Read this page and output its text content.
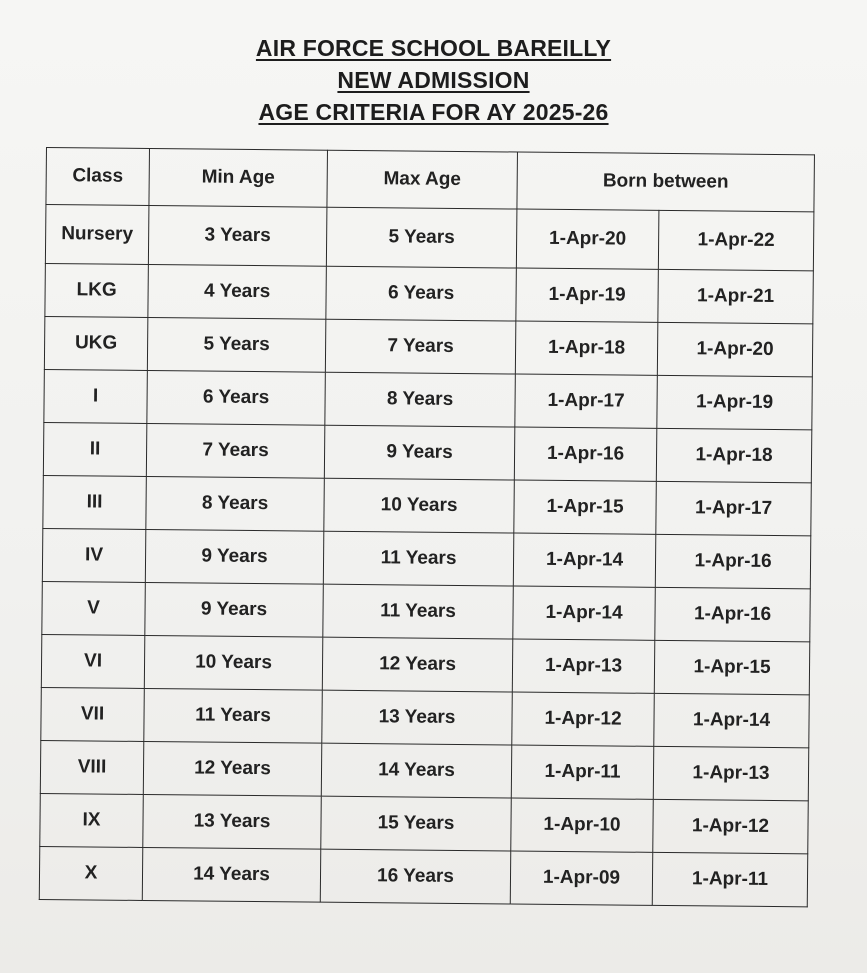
AIR FORCE SCHOOL BAREILLY
NEW ADMISSION
AGE CRITERIA FOR AY 2025-26
Class	Min Age	Max Age	Born between	
Nursery	3 Years	5 Years	1-Apr-20	1-Apr-22
LKG	4 Years	6 Years	1-Apr-19	1-Apr-21
UKG	5 Years	7 Years	1-Apr-18	1-Apr-20
I	6 Years	8 Years	1-Apr-17	1-Apr-19
II	7 Years	9 Years	1-Apr-16	1-Apr-18
III	8 Years	10 Years	1-Apr-15	1-Apr-17
IV	9 Years	11 Years	1-Apr-14	1-Apr-16
V	9 Years	11 Years	1-Apr-14	1-Apr-16
VI	10 Years	12 Years	1-Apr-13	1-Apr-15
VII	11 Years	13 Years	1-Apr-12	1-Apr-14
VIII	12 Years	14 Years	1-Apr-11	1-Apr-13
IX	13 Years	15 Years	1-Apr-10	1-Apr-12
X	14 Years	16 Years	1-Apr-09	1-Apr-11
